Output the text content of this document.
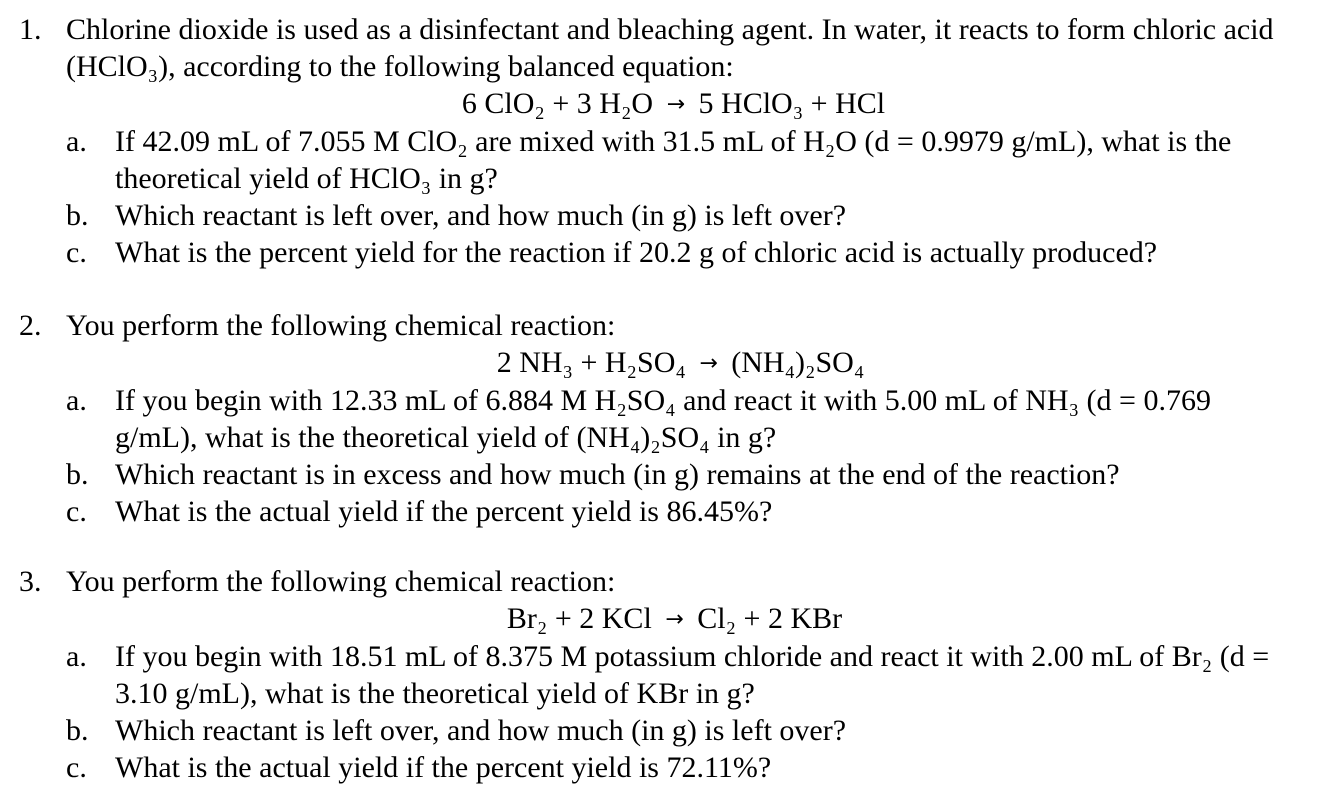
1. Chlorine dioxide is used as a disinfectant and bleaching agent. In water, it reacts to form chloric acid (HClO₃), according to the following balanced equation:
6 ClO₂ + 3 H₂O → 5 HClO₃ + HCl
a. If 42.09 mL of 7.055 M ClO₂ are mixed with 31.5 mL of H₂O (d = 0.9979 g/mL), what is the theoretical yield of HClO₃ in g?
b. Which reactant is left over, and how much (in g) is left over?
c. What is the percent yield for the reaction if 20.2 g of chloric acid is actually produced?
2. You perform the following chemical reaction:
2 NH₃ + H₂SO₄ → (NH₄)₂SO₄
a. If you begin with 12.33 mL of 6.884 M H₂SO₄ and react it with 5.00 mL of NH₃ (d = 0.769 g/mL), what is the theoretical yield of (NH₄)₂SO₄ in g?
b. Which reactant is in excess and how much (in g) remains at the end of the reaction?
c. What is the actual yield if the percent yield is 86.45%?
3. You perform the following chemical reaction:
Br₂ + 2 KCl → Cl₂ + 2 KBr
a. If you begin with 18.51 mL of 8.375 M potassium chloride and react it with 2.00 mL of Br₂ (d = 3.10 g/mL), what is the theoretical yield of KBr in g?
b. Which reactant is left over, and how much (in g) is left over?
c. What is the actual yield if the percent yield is 72.11%?
